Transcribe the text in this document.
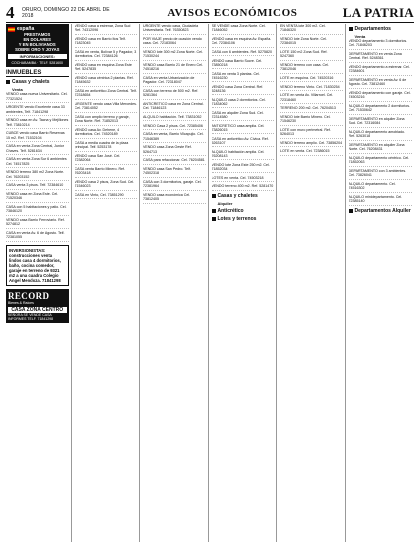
4	ORURO, DOMINGO 22 DE ABRIL DE 2018	AVISOS ECONÓMICOS	LA PATRIA
españa
PRESTAMOS
EN DOLARES
Y EN BOLIVIANOS
SOBRE ORO Y JOYAS
INFORMACIONES:
COCHABAMBA · TELF. 5281600
INMUEBLES
Casas y chalets
Venta
VENDO casa nueva Universitario. Cel. 77321524
URGENTE vendo Excelente casa 33 ambientes, Telf. 71841298
VENDO casa en Av. Tacna y Mejillones Telf. 73810214
CUBCE vendo casa Barrio Reservas 15 m2. Ref. 71532104
CASA en venta Zona Central, Junior Chaves. Telf. 5281634
CASA en venta Zona Sur 6 ambientes Cel. 74517825
VENDO terreno 380 m2 Zona Norte. Cel. 76203152
CASA venta 3 pisos. Telf. 72384610
VENDO casa en Zona Este. Cel. 71520346
CASA con 5 habitaciones y patio. Cel. 73846120
VENDO casa Barrio Ferroviario. Ref. 5274812
CASA en venta Av. 6 de Agosto. Telf. 72381055
INVERSIONISTAS: construcciones venta lindos casa 4 dormitorios, baño, cocina comedor, garaje en terreno de 9321 m2 a una cuadra Colegio Angel Mendoza. 71841298
RECORD
Bienes & Raíces
CASA ZONA CENTRO
SEÑORA SE VENDE CASA INFORMES TELF. 71841298
VENDO casa a estrenar, Zona Sud Ref. 74312096
VENDO casa en Barrio Itos Telf. 71823045
CASA en venta, Bolívar 5 y Pagador, 3 dormitorios. Cel. 72384126
VENDO casa en esquina Zona Este Ref. 5247835
VENDO casa céntrica 2 plantas. Ref. 71845632
CASA en anticrético Zona Central. Telf. 72318654
URGENTE vendo casa Villa Mercedes. Cel. 73814052
CASA con amplio terreno y garaje, Zona Norte. Ref. 71852013
VENDO casa Av. Dehene, 4 dormitorios. Cel. 74520189
CASA a media cuadra de la plaza principal. Telf. 5253178
VENDO casa San José. Cel. 72382064
CASA venta Barrio Minero. Ref. 76203418
VENDO casa 2 pisos, Zona Sud. Cel. 71546023
CASA en Vinto, Cel. 73851290
URGENTE vendo casa, Ciudadela Universitaria. Telf. 76350823
POR VIAJE precio de ocasión vendo casa. Cel. 72183064
VENDO lote 300 m2 Zona Norte. Cel. 71530244
VENDO casa Barrio 21 de Enero Cel. 74518216
CASA en venta Urbanización de Pagador. Cel. 72318047
CASA con terreno de 500 m2. Ref. 5281364
ANTICRETICO casa en Zona Central. Cel. 71846123
ALQUILO habitación. Telf. 73831052
VENDO Casa 2 pisos. Cel. 72385406
CASA en venta, Barrio Vilcapujio. Cel. 71546389
VENDO casa Zona Oeste Ref. 5264713
CASA para refaccionar. Cel. 76204581
VENDO casa San Pedro. Telf. 74502318
CASA con 3 dormitorios, garaje. Cel. 72381964
VENDO casa económica Cel. 73812405
SE VENDE casa Zona Norte. Cel. 71846052
VENDO casa en esquina Av. España. Cel. 72384106
CASA con 6 ambientes. Ref. 5275820
VENDO casa Barrio Sucre. Cel. 73850218
CASA en venta 3 plantas. Cel. 74516230
VENDO casa Zona Central. Ref. 5248136
ALQUILO casa 2 dormitorios. Cel. 71834062
CASA en alquiler Zona Sud. Cel. 72314580
ANTICRETICO casa amplia. Cel. 73826015
CASA en anticrético Av. Cívica. Ref. 5263107
ALQUILO habitación amplia. Cel. 76208143
VENDO lote Zona Este 250 m2. Cel. 71852034
LOTES en venta. Cel. 74503218
VENDO terreno 400 m2. Ref. 5281470
Casas y chaletes
Alquiler
Anticrético
Lotes y terrenos
EN VENTA lote 300 m2. Cel. 71846320
VENDO lote Zona Norte. Cel. 72384015
LOTE 150 m2 Zona Sud. Ref. 5247360
VENDO terreno con casa. Cel. 73812046
LOTE en esquina. Cel. 74520316
VENDO terreno Vinto. Cel. 71830254
LOTE en venta Av. Villarroel. Cel. 72318460
TERRENO 200 m2. Cel. 76204513
VENDO lote Barrio Minero. Cel. 71546230
LOTE con muro perimetral. Ref. 5264013
VENDO terreno amplio. Cel. 73856204
LOTE en venta. Cel. 72386015
Departamentos
Venta
VENDO departamento 3 dormitorios. Cel. 71846203
DEPARTAMENTO en venta Zona Central. Ref. 5248361
VENDO departamento a estrenar. Cel. 72384601
DEPARTAMENTO en venta Av. 6 de Agosto. Cel. 73812460
VENDO departamento con garaje. Cel. 74503216
ALQUILO departamento 2 dormitorios. Cel. 71530642
DEPARTAMENTO en alquiler Zona Sud. Cel. 72316084
ALQUILO departamento amoblado. Ref. 5263018
DEPARTAMENTO en alquiler Zona Norte. Cel. 76208431
ALQUILO departamento céntrico. Cel. 71852063
DEPARTAMENTO con 3 ambientes. Cel. 73826041
ALQUILO departamento. Cel. 74516302
ALQUILO minidepartamento. Cel. 72385140
Departamentos Alquiler
